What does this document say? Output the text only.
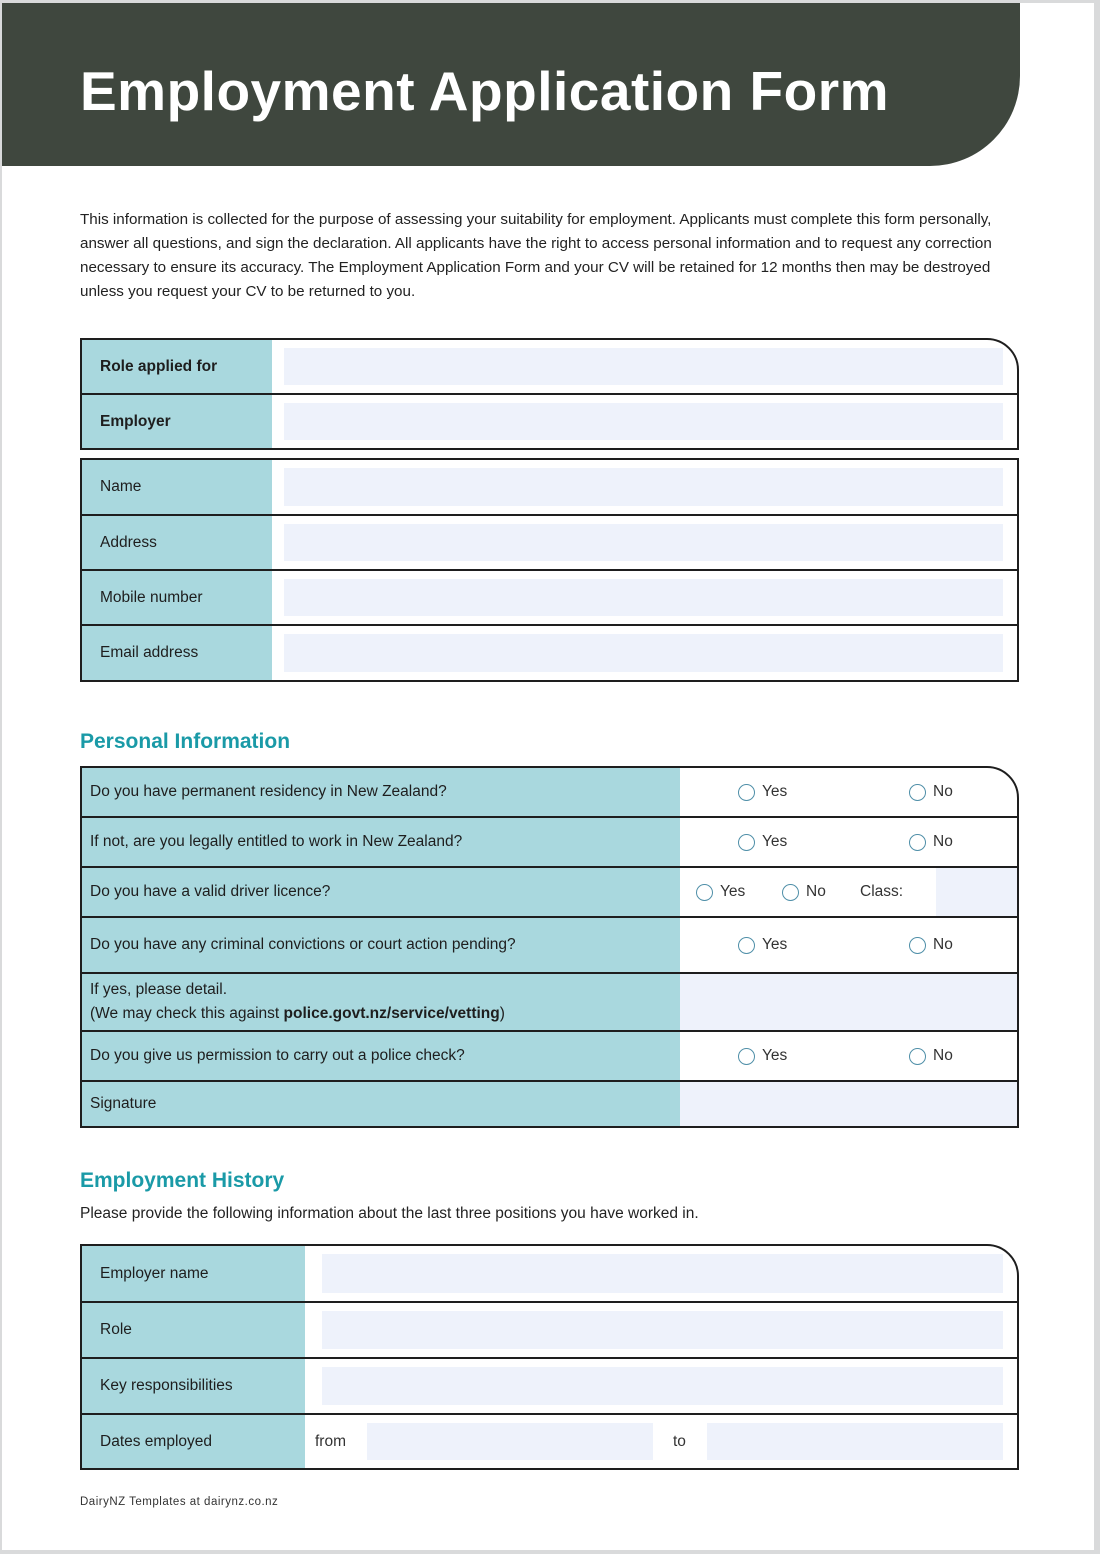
Employment Application Form

This information is collected for the purpose of assessing your suitability for employment. Applicants must complete this form personally, answer all questions, and sign the declaration. All applicants have the right to access personal information and to request any correction necessary to ensure its accuracy. The Employment Application Form and your CV will be retained for 12 months then may be destroyed unless you request your CV to be returned to you.

Role applied for
Employer
Name
Address
Mobile number
Email address
Personal Information
Do you have permanent residency in New Zealand?	Yes	No
If not, are you legally entitled to work in New Zealand?	Yes	No
Do you have a valid driver licence?	Yes	No Class:
Do you have any criminal convictions or court action pending?	Yes	No
If yes, please detail.
(We may check this against police.govt.nz/service/vetting)
Do you give us permission to carry out a police check?	Yes	No
Signature
Employment History
Please provide the following information about the last three positions you have worked in.
Employer name
Role
Key responsibilities
Dates employed	from	to
DairyNZ Templates at dairynz.co.nz
